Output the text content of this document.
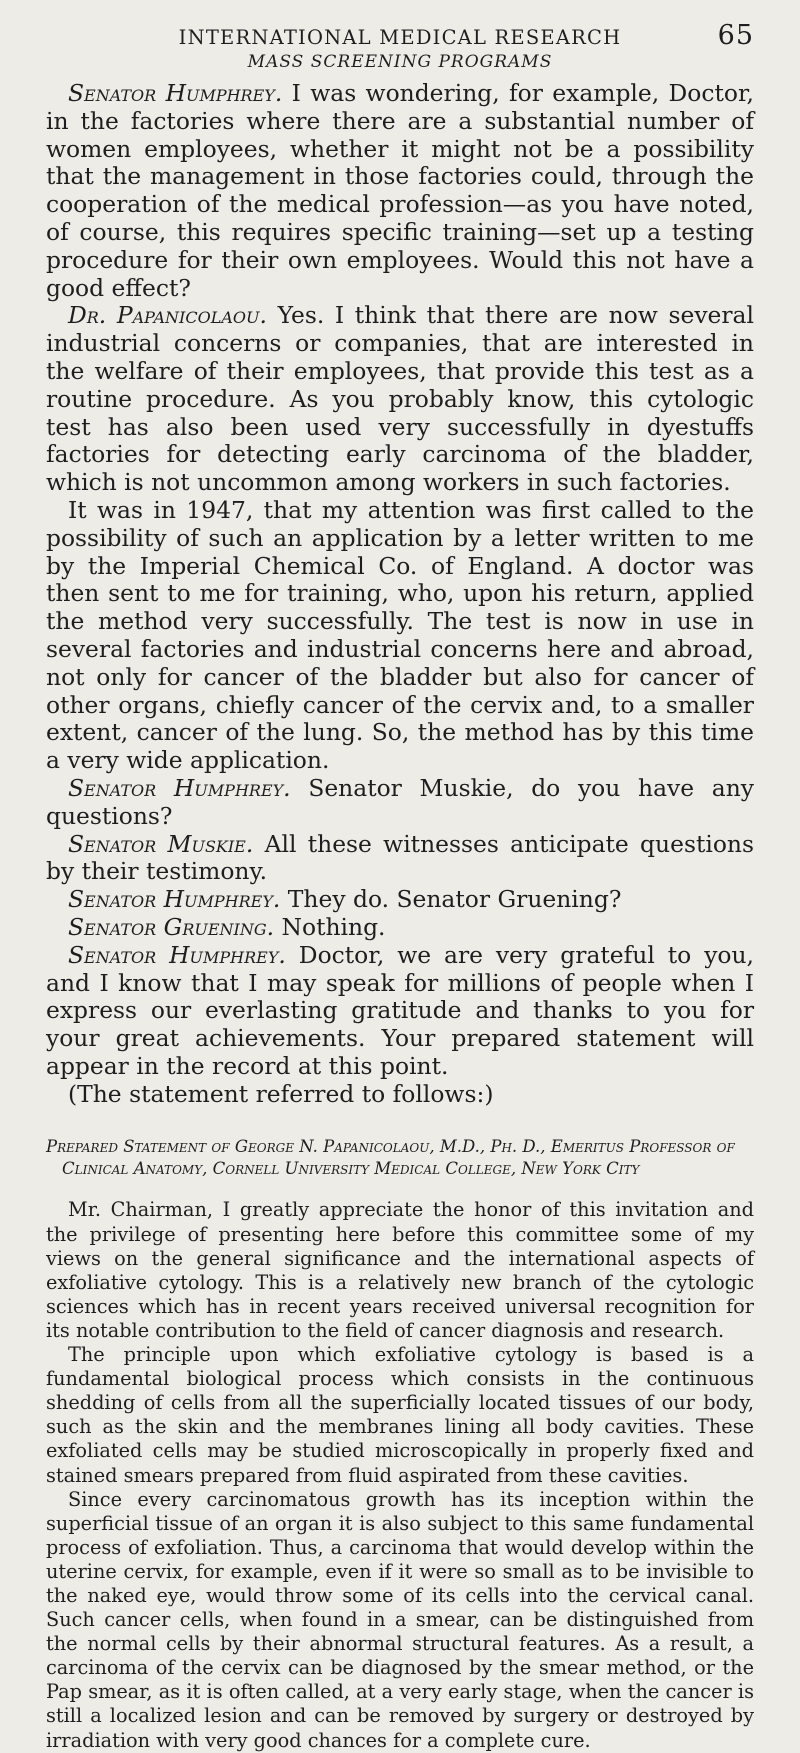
INTERNATIONAL MEDICAL RESEARCH	65
MASS SCREENING PROGRAMS

Senator Humphrey. I was wondering, for example, Doctor, in the factories where there are a substantial number of women employees, whether it might not be a possibility that the management in those factories could, through the cooperation of the medical profession—as you have noted, of course, this requires specific training—set up a testing procedure for their own employees. Would this not have a good effect?

Dr. Papanicolaou. Yes. I think that there are now several industrial concerns or companies, that are interested in the welfare of their employees, that provide this test as a routine procedure. As you probably know, this cytologic test has also been used very successfully in dyestuffs factories for detecting early carcinoma of the bladder, which is not uncommon among workers in such factories.

It was in 1947, that my attention was first called to the possibility of such an application by a letter written to me by the Imperial Chemical Co. of England. A doctor was then sent to me for training, who, upon his return, applied the method very successfully. The test is now in use in several factories and industrial concerns here and abroad, not only for cancer of the bladder but also for cancer of other organs, chiefly cancer of the cervix and, to a smaller extent, cancer of the lung. So, the method has by this time a very wide application.

Senator Humphrey. Senator Muskie, do you have any questions?

Senator Muskie. All these witnesses anticipate questions by their testimony.

Senator Humphrey. They do. Senator Gruening?

Senator Gruening. Nothing.

Senator Humphrey. Doctor, we are very grateful to you, and I know that I may speak for millions of people when I express our everlasting gratitude and thanks to you for your great achievements. Your prepared statement will appear in the record at this point.

(The statement referred to follows:)

Prepared Statement of George N. Papanicolaou, M.D., Ph. D., Emeritus Professor of Clinical Anatomy, Cornell University Medical College, New York City

Mr. Chairman, I greatly appreciate the honor of this invitation and the privilege of presenting here before this committee some of my views on the general significance and the international aspects of exfoliative cytology. This is a relatively new branch of the cytologic sciences which has in recent years received universal recognition for its notable contribution to the field of cancer diagnosis and research.

The principle upon which exfoliative cytology is based is a fundamental biological process which consists in the continuous shedding of cells from all the superficially located tissues of our body, such as the skin and the membranes lining all body cavities. These exfoliated cells may be studied microscopically in properly fixed and stained smears prepared from fluid aspirated from these cavities.

Since every carcinomatous growth has its inception within the superficial tissue of an organ it is also subject to this same fundamental process of exfoliation. Thus, a carcinoma that would develop within the uterine cervix, for example, even if it were so small as to be invisible to the naked eye, would throw some of its cells into the cervical canal. Such cancer cells, when found in a smear, can be distinguished from the normal cells by their abnormal structural features. As a result, a carcinoma of the cervix can be diagnosed by the smear method, or the Pap smear, as it is often called, at a very early stage, when the cancer is still a localized lesion and can be removed by surgery or destroyed by irradiation with very good chances for a complete cure.
